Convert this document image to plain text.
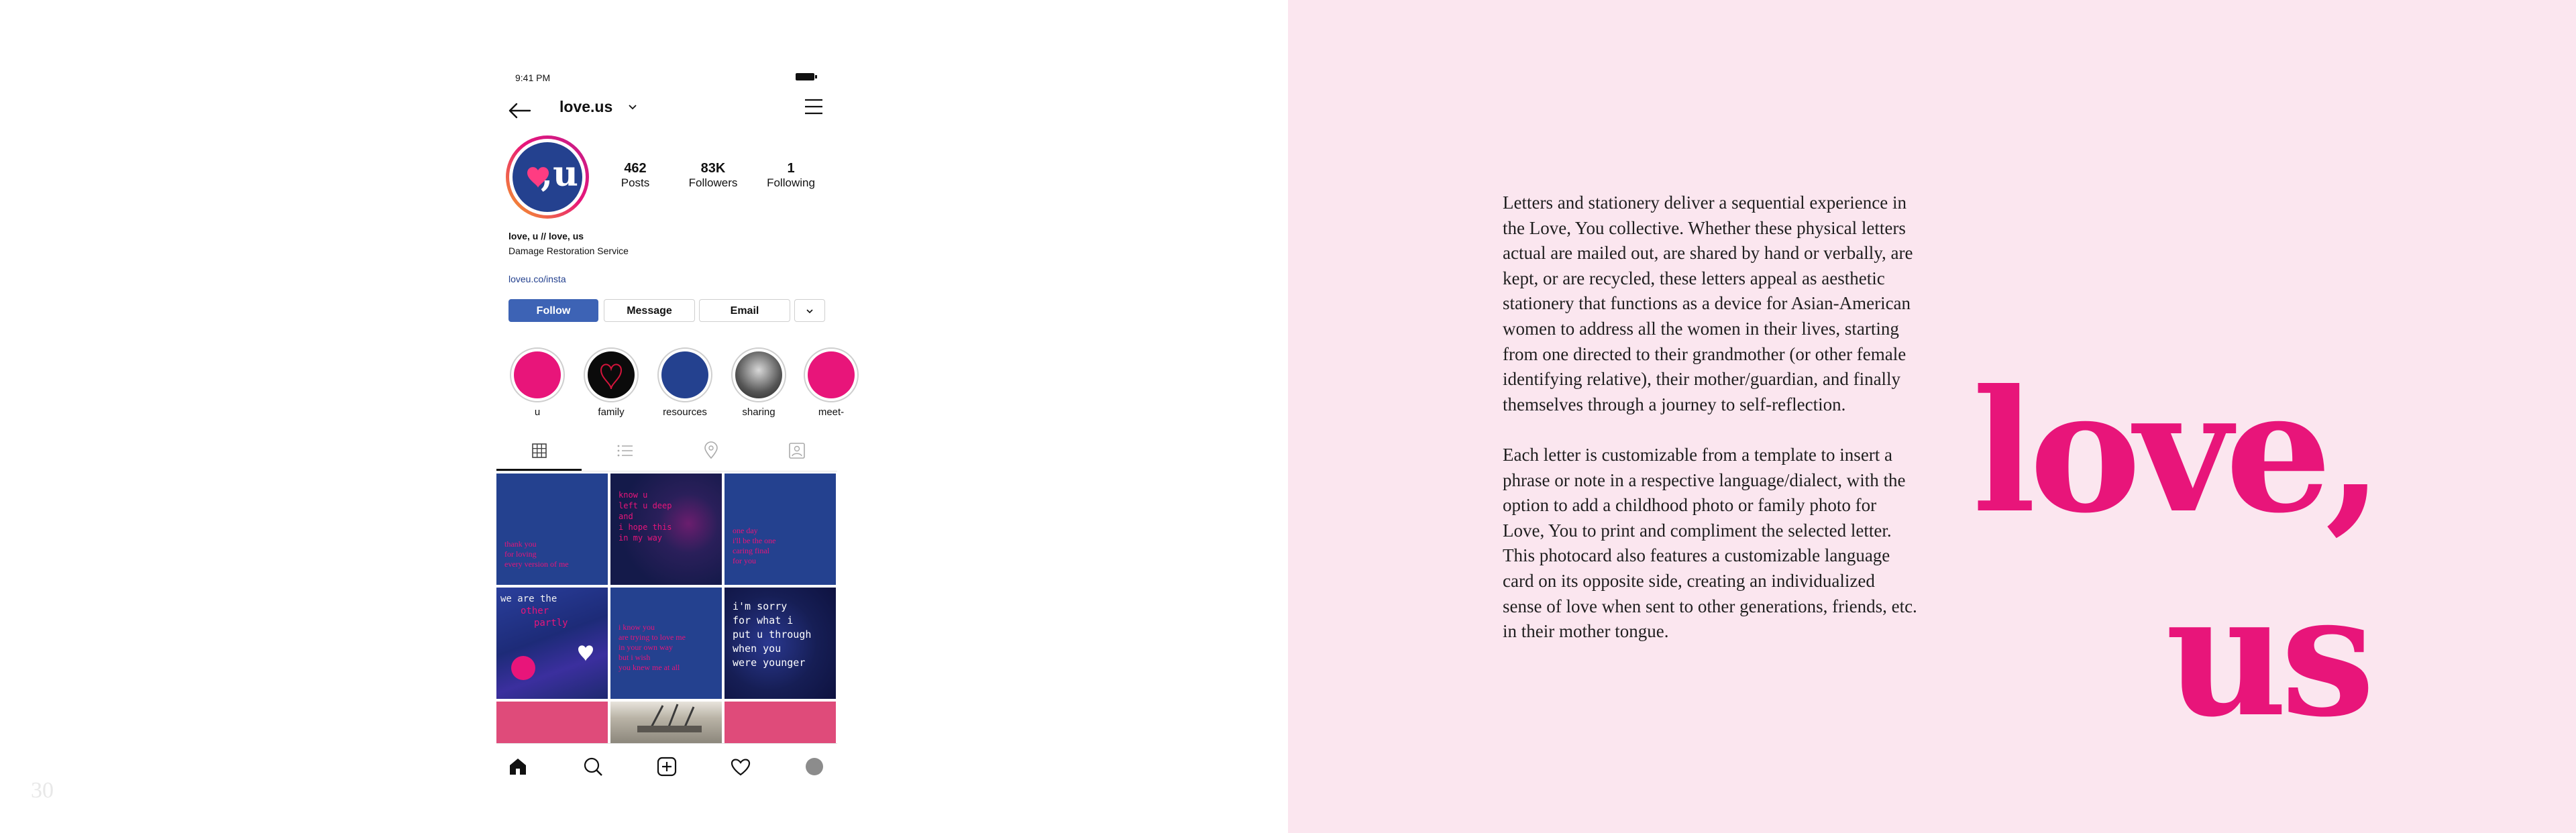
30
9:41 PM
love.us
,u	462
Posts
83K
Followers
1
Following
love, u // love, us
Damage Restoration Service
loveu.co/insta
Follow	Message	Email
u	family	resources	sharing	meet-
thank you
for loving
every version of me
know u
left u deep
and
i hope this
in my way
one day
i'll be the one
caring final
for you
we are the
other
partly	i know you
are trying to love me
in your own way
but i wish
you knew me at all
i'm sorry
for what i
put u through
when you
were younger

Letters and stationery deliver a sequential experience in the Love, You collective. Whether these physical letters actual are mailed out, are shared by hand or verbally, are kept, or are recycled, these letters appeal as aesthetic stationery that functions as a device for Asian-American women to address all the women in their lives, starting from one directed to their grandmother (or other female identifying relative), their mother/guardian, and finally themselves through a journey to self-reflection.

Each letter is customizable from a template to insert a phrase or note in a respective language/dialect, with the option to add a childhood photo or family photo for Love, You to print and compliment the selected letter. This photocard also features a customizable language card on its opposite side, creating an individualized sense of love when sent to other generations, friends, etc. in their mother tongue.

love,
us
